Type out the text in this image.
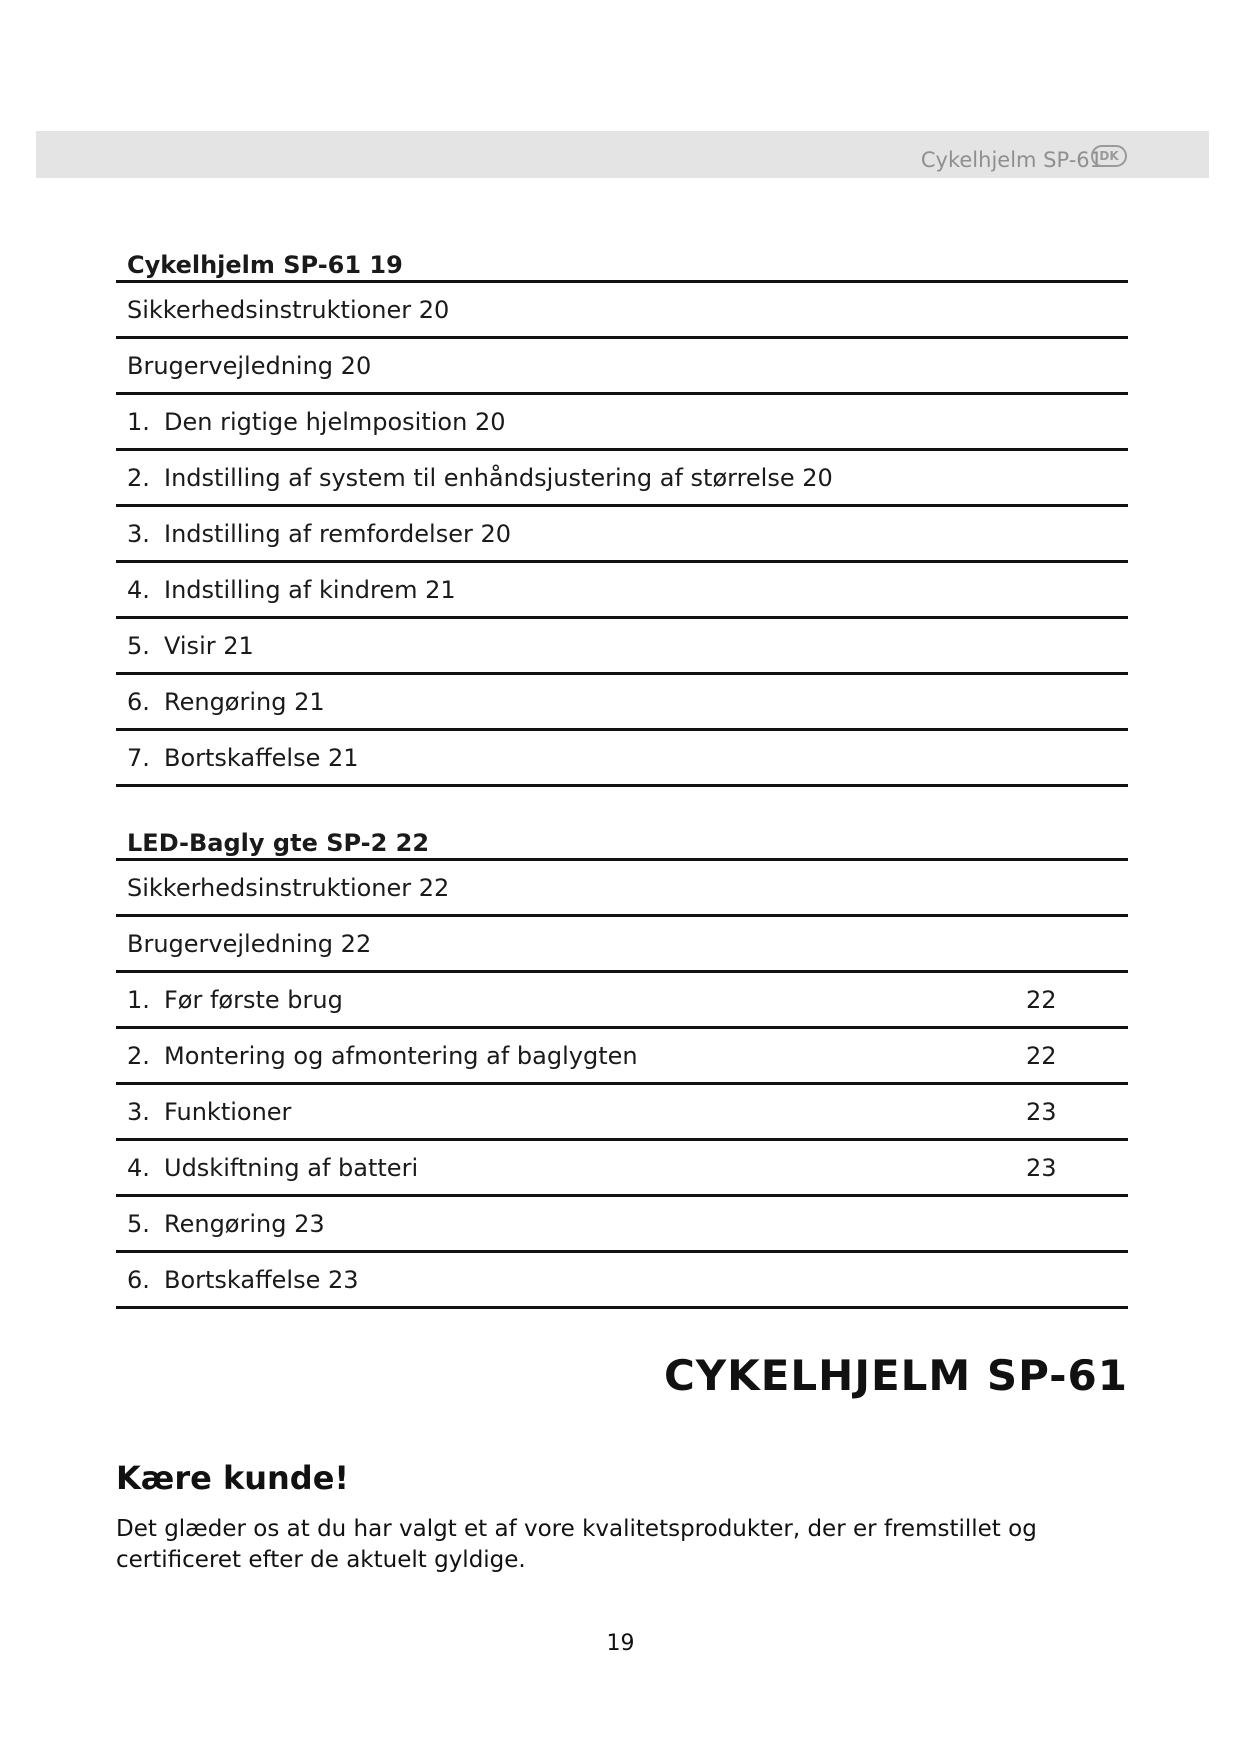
Cykelhjelm SP-61
DK
Cykelhjelm SP-61 19
Sikkerhedsinstruktioner 20
Brugervejledning 20
1. Den rigtige hjelmposition 20
2. Indstilling af system til enhåndsjustering af størrelse 20
3. Indstilling af remfordelser 20
4. Indstilling af kindrem 21
5. Visir 21
6. Rengøring 21
7. Bortskaffelse 21
LED-Bagly gte SP-2 22
Sikkerhedsinstruktioner 22
Brugervejledning 22
1. Før første brug	22
2. Montering og afmontering af baglygten	22
3. Funktioner	23
4. Udskiftning af batteri	23
5. Rengøring 23
6. Bortskaffelse 23
CYKELHJELM SP-61
Kære kunde!
Det glæder os at du har valgt et af vore kvalitetsprodukter, der er fremstillet og certificeret efter de aktuelt gyldige.
19
